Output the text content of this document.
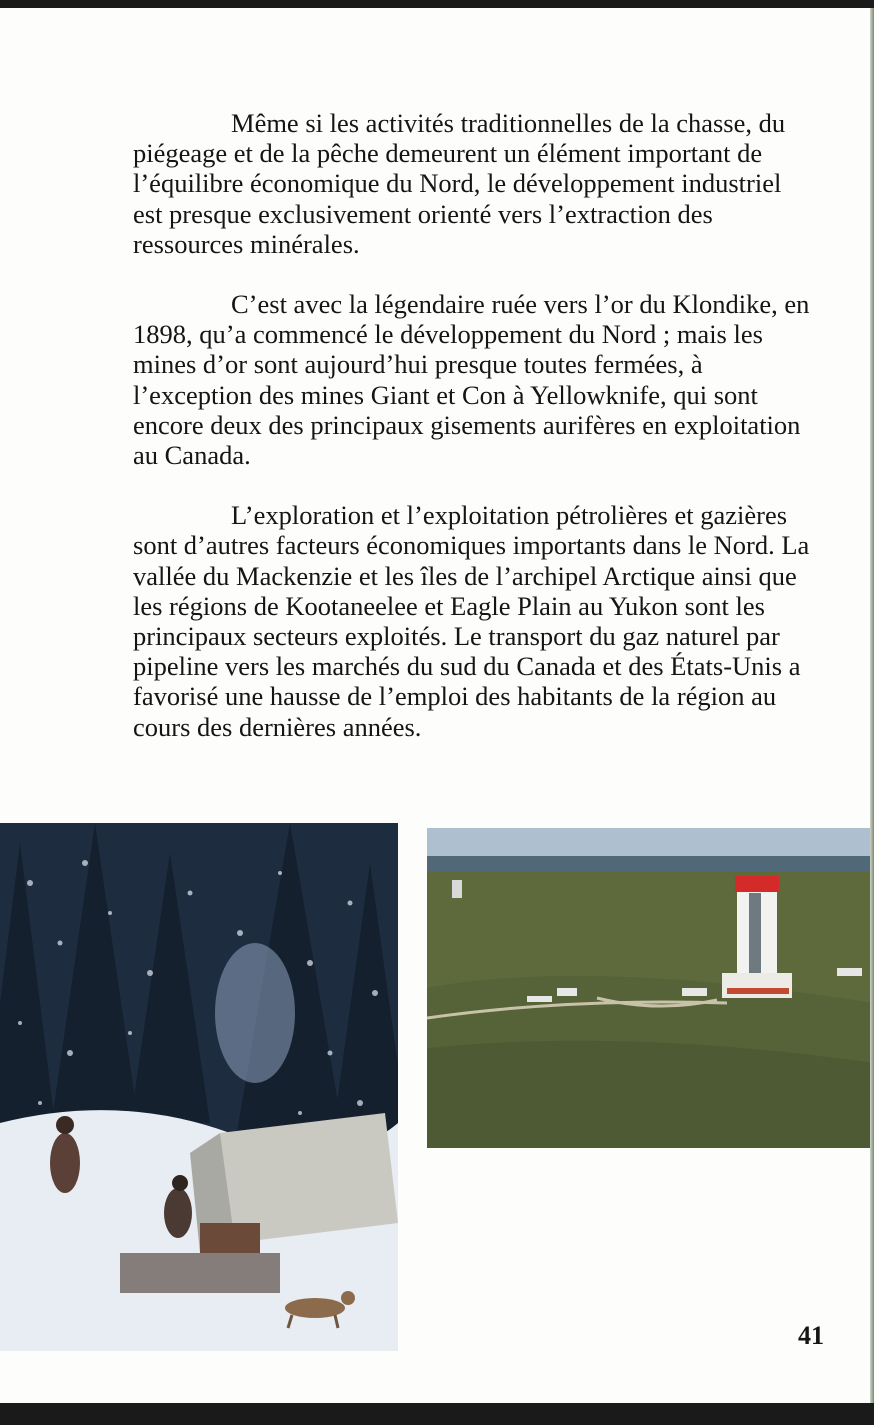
Même si les activités traditionnelles de la chasse, du piégeage et de la pêche demeurent un élément important de l’équilibre économique du Nord, le développement industriel est presque exclusivement orienté vers l’extraction des ressources minérales.

C’est avec la légendaire ruée vers l’or du Klondike, en 1898, qu’a commencé le développement du Nord ; mais les mines d’or sont aujourd’hui presque toutes fermées, à l’exception des mines Giant et Con à Yellowknife, qui sont encore deux des principaux gisements aurifères en exploitation au Canada.

L’exploration et l’exploitation pétrolières et gazières sont d’autres facteurs économiques importants dans le Nord. La vallée du Mackenzie et les îles de l’archipel Arctique ainsi que les régions de Kootaneelee et Eagle Plain au Yukon sont les principaux secteurs exploités. Le transport du gaz naturel par pipeline vers les marchés du sud du Canada et des États-Unis a favorisé une hausse de l’emploi des habitants de la région au cours des dernières années.

41
